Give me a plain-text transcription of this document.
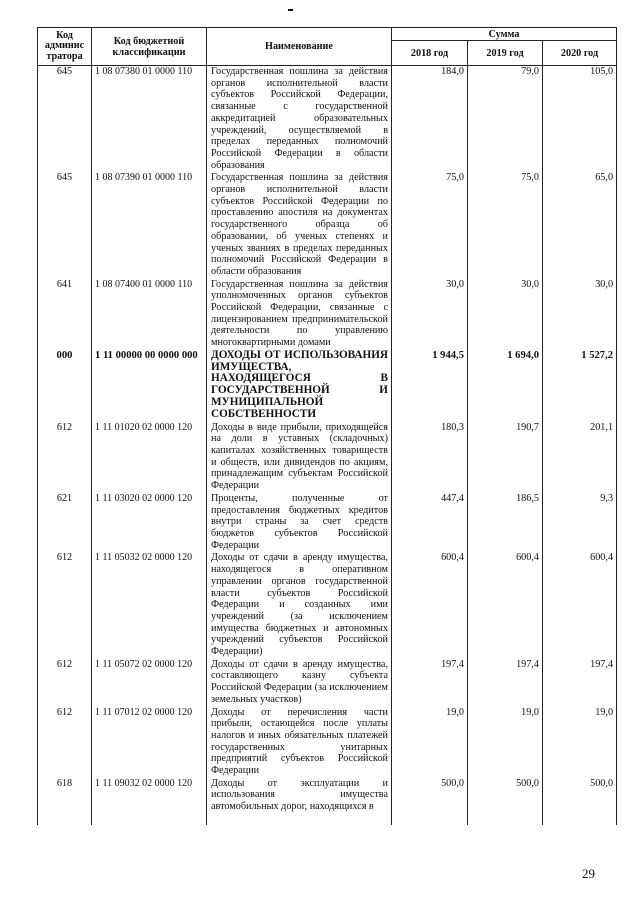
Код админис тратора	Код бюджетной классификации	Наименование	Сумма		
			2018 год	2019 год	2020 год
645	1 08 07380 01 0000 110	Государственная пошлина за действия органов исполнительной власти субъектов Российской Федерации, связанные с государственной аккредитацией образовательных учреждений, осуществляемой в пределах переданных полномочий Российской Федерации в области образования	184,0	79,0	105,0
645	1 08 07390 01 0000 110	Государственная пошлина за действия органов исполнительной власти субъектов Российской Федерации по проставлению апостиля на документах государственного образца об образовании, об ученых степенях и ученых званиях в пределах переданных полномочий Российской Федерации в области образования	75,0	75,0	65,0
641	1 08 07400 01 0000 110	Государственная пошлина за действия уполномоченных органов субъектов Российской Федерации, связанные с лицензированием предпринимательской деятельности по управлению многоквартирными домами	30,0	30,0	30,0
000	1 11 00000 00 0000 000	ДОХОДЫ ОТ ИСПОЛЬЗОВАНИЯ ИМУЩЕСТВА, НАХОДЯЩЕГОСЯ В ГОСУДАРСТВЕННОЙ И МУНИЦИПАЛЬНОЙ СОБСТВЕННОСТИ	1 944,5	1 694,0	1 527,2
612	1 11 01020 02 0000 120	Доходы в виде прибыли, приходящейся на доли в уставных (складочных) капиталах хозяйственных товариществ и обществ, или дивидендов по акциям, принадлежащим субъектам Российской Федерации	180,3	190,7	201,1
621	1 11 03020 02 0000 120	Проценты, полученные от предоставления бюджетных кредитов внутри страны за счет средств бюджетов субъектов Российской Федерации	447,4	186,5	9,3
612	1 11 05032 02 0000 120	Доходы от сдачи в аренду имущества, находящегося в оперативном управлении органов государственной власти субъектов Российской Федерации и созданных ими учреждений (за исключением имущества бюджетных и автономных учреждений субъектов Российской Федерации)	600,4	600,4	600,4
612	1 11 05072 02 0000 120	Доходы от сдачи в аренду имущества, составляющего казну субъекта Российской Федерации (за исключением земельных участков)	197,4	197,4	197,4
612	1 11 07012 02 0000 120	Доходы от перечисления части прибыли, остающейся после уплаты налогов и иных обязательных платежей государственных унитарных предприятий субъектов Российской Федерации	19,0	19,0	19,0
618	1 11 09032 02 0000 120	Доходы от эксплуатации и использования имущества автомобильных дорог, находящихся в	500,0	500,0	500,0
29
